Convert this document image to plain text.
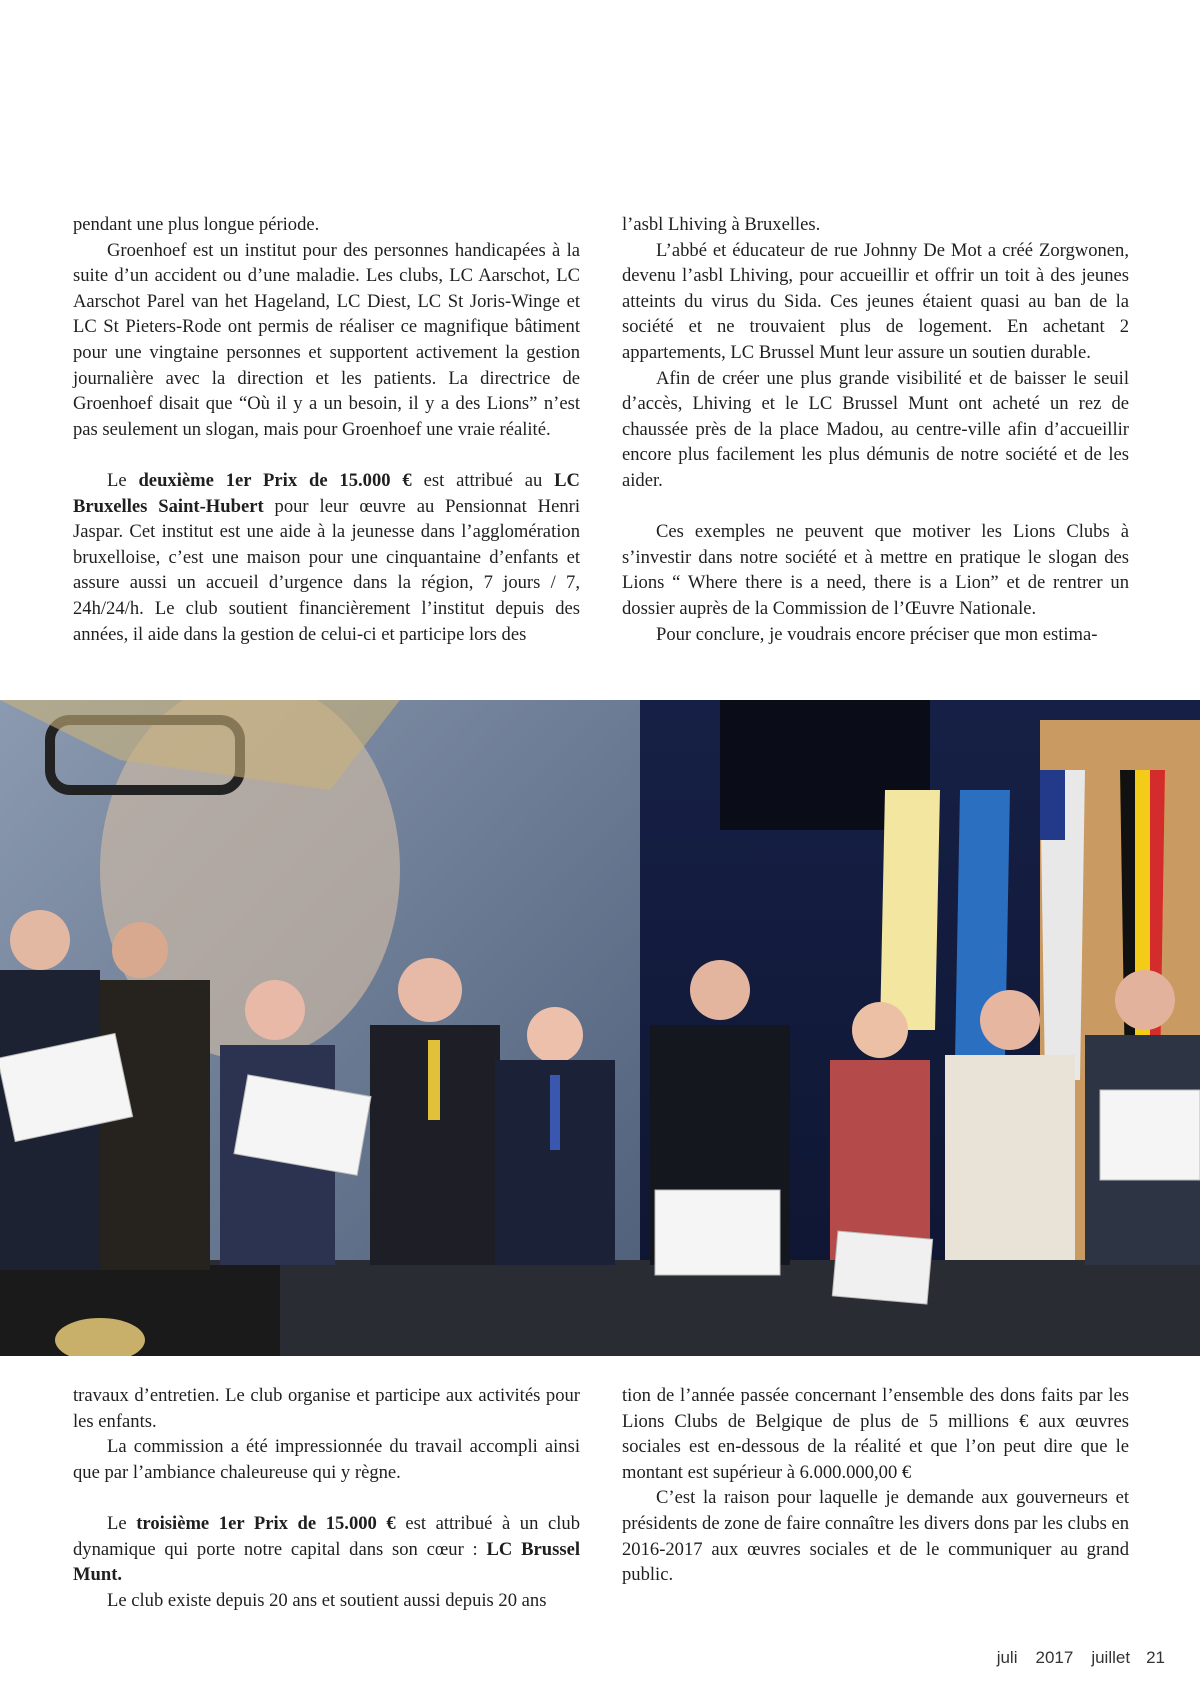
pendant une plus longue période.

Groenhoef est un institut pour des personnes handicapées à la suite d’un accident ou d’une maladie. Les clubs, LC Aarschot, LC Aarschot Parel van het Hageland, LC Diest, LC St Joris-Winge et LC St Pieters-Rode ont permis de réaliser ce magnifique bâtiment pour une vingtaine personnes et supportent activement la gestion journalière avec la direction et les patients. La directrice de Groenhoef disait que “Où il y a un besoin, il y a des Lions” n’est pas seulement un slogan, mais pour Groenhoef une vraie réalité.

Le deuxième 1er Prix de 15.000 € est attribué au LC Bruxelles Saint-Hubert pour leur œuvre au Pensionnat Henri Jaspar. Cet institut est une aide à la jeunesse dans l’agglomération bruxelloise, c’est une maison pour une cinquantaine d’enfants et assure aussi un accueil d’urgence dans la région, 7 jours / 7, 24h/24/h. Le club soutient financièrement l’institut depuis des années, il aide dans la gestion de celui-ci et participe lors des

l’asbl Lhiving à Bruxelles.

L’abbé et éducateur de rue Johnny De Mot a créé Zorgwonen, devenu l’asbl Lhiving, pour accueillir et offrir un toit à des jeunes atteints du virus du Sida. Ces jeunes étaient quasi au ban de la société et ne trouvaient plus de logement. En achetant 2 appartements, LC Brussel Munt leur assure un soutien durable.

Afin de créer une plus grande visibilité et de baisser le seuil d’accès, Lhiving et le LC Brussel Munt ont acheté un rez de chaussée près de la place Madou, au centre-ville afin d’accueillir encore plus facilement les plus démunis de notre société et de les aider.

Ces exemples ne peuvent que motiver les Lions Clubs à s’investir dans notre société et à mettre en pratique le slogan des Lions “ Where there is a need, there is a Lion” et de rentrer un dossier auprès de la Commission de l’Œuvre Nationale.

Pour conclure, je voudrais encore préciser que mon estima-

travaux d’entretien. Le club organise et participe aux activités pour les enfants.

La commission a été impressionnée du travail accompli ainsi que par l’ambiance chaleureuse qui y règne.

Le troisième 1er Prix de 15.000 € est attribué à un club dynamique qui porte notre capital dans son cœur : LC Brussel Munt.

Le club existe depuis 20 ans et soutient aussi depuis 20 ans

tion de l’année passée concernant l’ensemble des dons faits par les Lions Clubs de Belgique de plus de 5 millions € aux œuvres sociales est en-dessous de la réalité et que l’on peut dire que le montant est supérieur à 6.000.000,00 €

C’est la raison pour laquelle je demande aux gouverneurs et présidents de zone de faire connaître les divers dons par les clubs en 2016-2017 aux œuvres sociales et de le communiquer au grand public.

juli 2017 juillet 21
